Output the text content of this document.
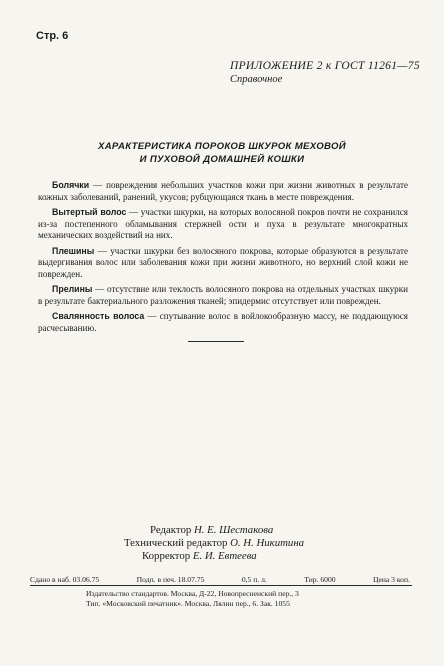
Стр. 6
ПРИЛОЖЕНИЕ 2 к ГОСТ 11261—75
Справочное
ХАРАКТЕРИСТИКА ПОРОКОВ ШКУРОК МЕХОВОЙ
И ПУХОВОЙ ДОМАШНЕЙ КОШКИ

Болячки — повреждения небольших участков кожи при жизни животных в результате кожных заболеваний, ранений, укусов; рубцующаяся ткань в месте повреждения.

Вытертый волос — участки шкурки, на которых волосяной покров почти не сохранился из-за постепенного обламывания стержней ости и пуха в результате многократных механических воздействий на них.

Плешины — участки шкурки без волосяного покрова, которые образуются в результате выдергивания волос или заболевания кожи при жизни животного, но верхний слой кожи не поврежден.

Прелины — отсутствие или теклость волосяного покрова на отдельных участках шкурки в результате бактериального разложения тканей; эпидермис отсутствует или поврежден.

Свалянность волоса — спутывание волос в войлокообразную массу, не поддающуюся расчесыванию.

Редактор Н. Е. Шестакова
Технический редактор О. Н. Никитина
Корректор Е. И. Евтеева
Сдано в наб. 03.06.75	Подп. в печ. 18.07.75	0,5 п. л.	Тир. 6000	Цена 3 коп.
Издательство стандартов. Москва, Д-22, Новопресненский пер., 3
Тип. «Московский печатник». Москва, Лялин пер., 6. Зак. 1055
